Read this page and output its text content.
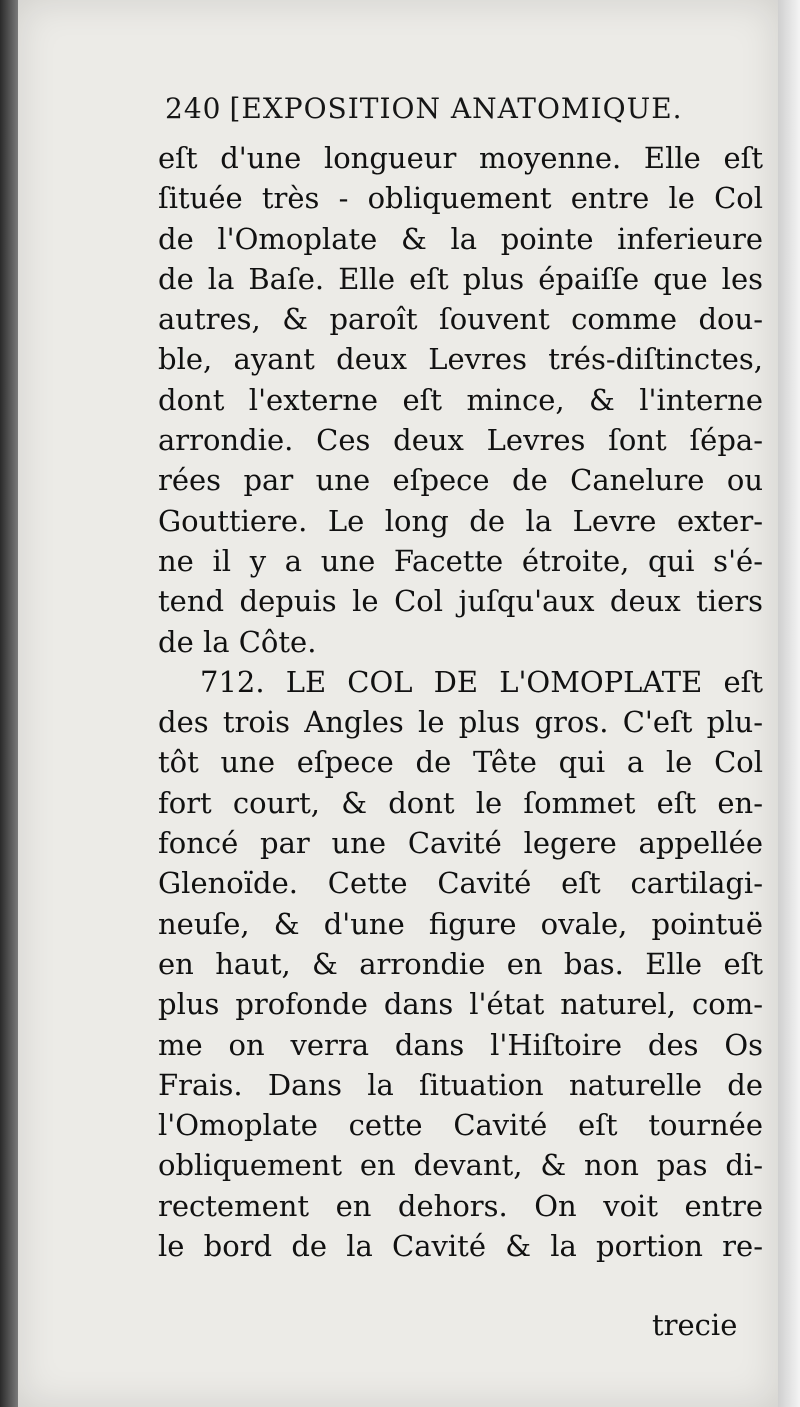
240 [EXPOSITION ANATOMIQUE.
eſt d'une longueur moyenne. Elle eſt
ſituée très - obliquement entre le Col
de l'Omoplate & la pointe inferieure
de la Baſe. Elle eſt plus épaiſſe que les
autres, & paroît ſouvent comme dou-
ble, ayant deux Levres trés-diſtinctes,
dont l'externe eſt mince, & l'interne
arrondie. Ces deux Levres ſont ſépa-
rées par une eſpece de Canelure ou
Gouttiere. Le long de la Levre exter-
ne il y a une Facette étroite, qui s'é-
tend depuis le Col juſqu'aux deux tiers
de la Côte.
712. LE COL DE L'OMOPLATE eſt
des trois Angles le plus gros. C'eſt plu-
tôt une eſpece de Tête qui a le Col
fort court, & dont le ſommet eſt en-
foncé par une Cavité legere appellée
Glenoïde. Cette Cavité eſt cartilagi-
neuſe, & d'une figure ovale, pointuë
en haut, & arrondie en bas. Elle eſt
plus profonde dans l'état naturel, com-
me on verra dans l'Hiſtoire des Os
Frais. Dans la ſituation naturelle de
l'Omoplate cette Cavité eſt tournée
obliquement en devant, & non pas di-
rectement en dehors. On voit entre
le bord de la Cavité & la portion re-
trecie
